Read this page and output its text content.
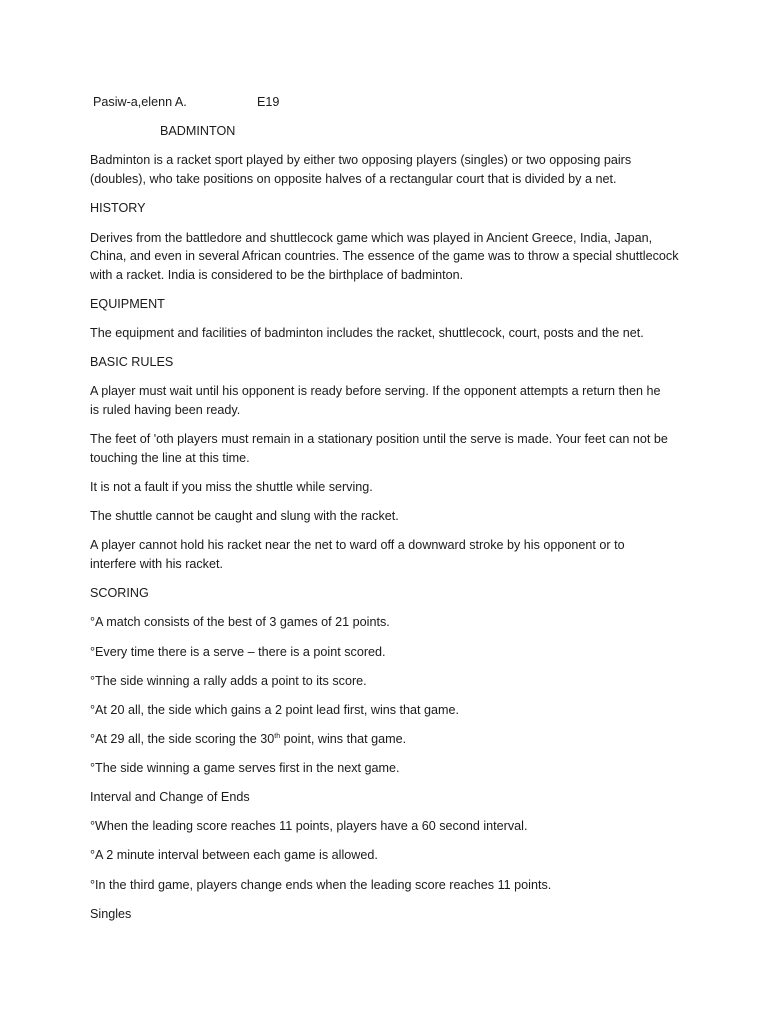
Pasiw-a,elenn A.	E19

BADMINTON

Badminton is a racket sport played by either two opposing players (singles) or two opposing pairs

(doubles), who take positions on opposite halves of a rectangular court that is divided by a net.

HISTORY

Derives from the battledore and shuttlecock game which was played in Ancient Greece, India, Japan,

China, and even in several African countries. The essence of the game was to throw a special shuttlecock

with a racket. India is considered to be the birthplace of badminton.

EQUIPMENT

The equipment and facilities of badminton includes the racket, shuttlecock, court, posts and the net.

BASIC RULES

A player must wait until his opponent is ready before serving. If the opponent attempts a return then he

is ruled having been ready.

The feet of 'oth players must remain in a stationary position until the serve is made. Your feet can not be

touching the line at this time.

It is not a fault if you miss the shuttle while serving.

The shuttle cannot be caught and slung with the racket.

A player cannot hold his racket near the net to ward off a downward stroke by his opponent or to

interfere with his racket.

SCORING

°A match consists of the best of 3 games of 21 points.

°Every time there is a serve – there is a point scored.

°The side winning a rally adds a point to its score.

°At 20 all, the side which gains a 2 point lead first, wins that game.

°At 29 all, the side scoring the 30th point, wins that game.

°The side winning a game serves first in the next game.

Interval and Change of Ends

°When the leading score reaches 11 points, players have a 60 second interval.

°A 2 minute interval between each game is allowed.

°In the third game, players change ends when the leading score reaches 11 points.

Singles
